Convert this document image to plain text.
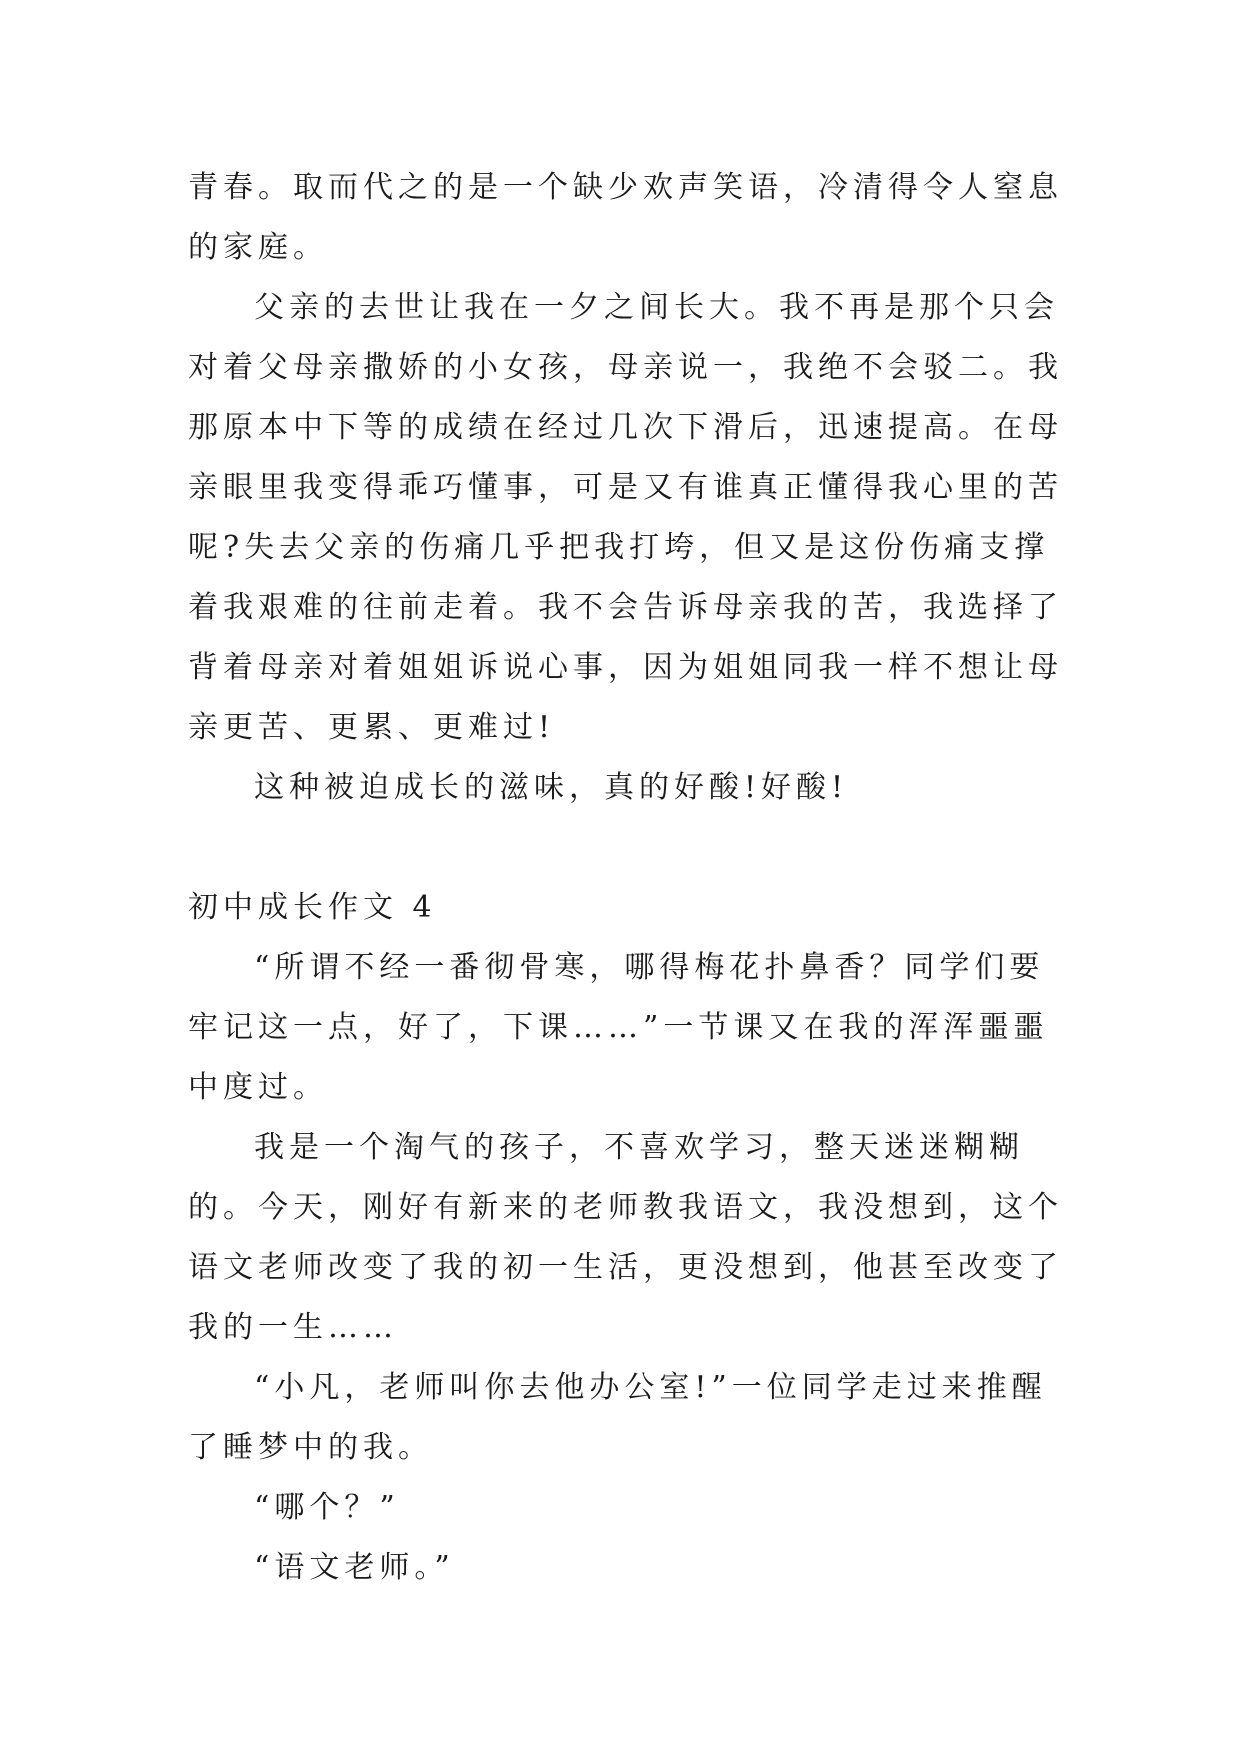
青春。取而代之的是一个缺少欢声笑语，冷清得令人窒息的家庭。

父亲的去世让我在一夕之间长大。我不再是那个只会对着父母亲撒娇的小女孩，母亲说一，我绝不会驳二。我那原本中下等的成绩在经过几次下滑后，迅速提高。在母亲眼里我变得乖巧懂事，可是又有谁真正懂得我心里的苦呢?失去父亲的伤痛几乎把我打垮，但又是这份伤痛支撑着我艰难的往前走着。我不会告诉母亲我的苦，我选择了背着母亲对着姐姐诉说心事，因为姐姐同我一样不想让母亲更苦、更累、更难过!

这种被迫成长的滋味，真的好酸!好酸!

初中成长作文 4

“所谓不经一番彻骨寒，哪得梅花扑鼻香？同学们要牢记这一点，好了，下课……”一节课又在我的浑浑噩噩中度过。

我是一个淘气的孩子，不喜欢学习，整天迷迷糊糊的。今天，刚好有新来的老师教我语文，我没想到，这个语文老师改变了我的初一生活，更没想到，他甚至改变了我的一生……

“小凡，老师叫你去他办公室!”一位同学走过来推醒了睡梦中的我。

“哪个？”

“语文老师。”
